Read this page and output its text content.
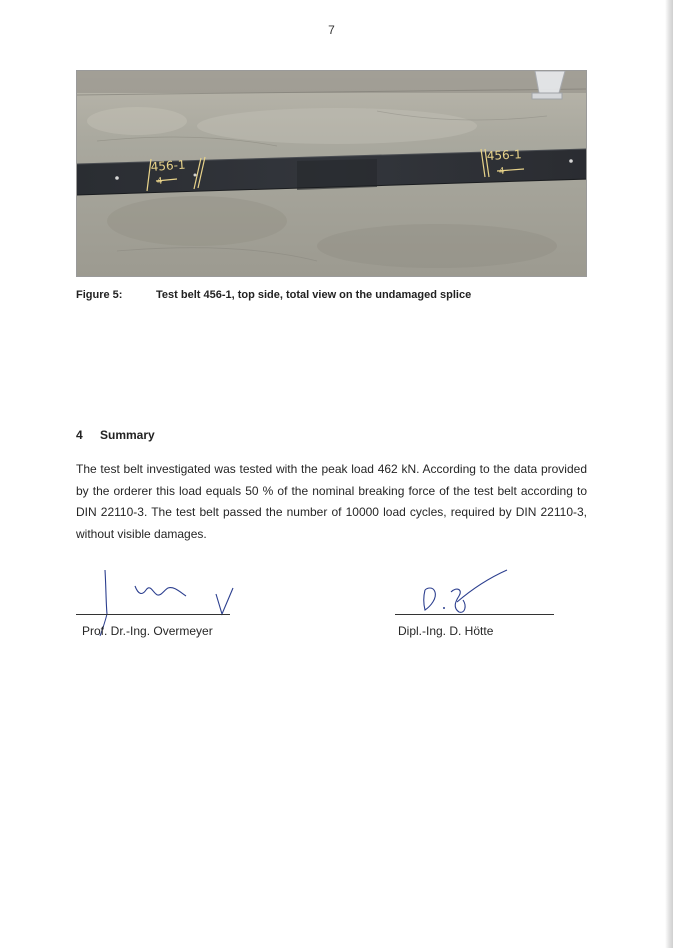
7
456-1
4
456-1
4
Figure 5:	Test belt 456-1, top side, total view on the undamaged splice
4 Summary

The test belt investigated was tested with the peak load 462 kN. According to the data provided by the orderer this load equals 50 % of the nominal breaking force of the test belt according to DIN 22110-3. The test belt passed the number of 10000 load cycles, required by DIN 22110-3, without visible damages.

Prof. Dr.-Ing. Overmeyer	Dipl.-Ing. D. Hötte
